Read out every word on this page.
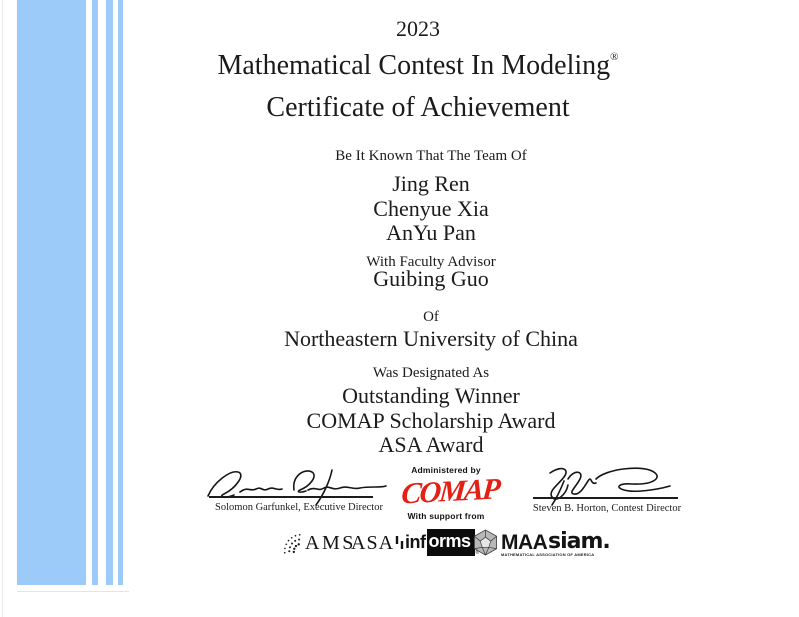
2023
Mathematical Contest In Modeling®
Certificate of Achievement
Be It Known That The Team Of
Jing Ren
Chenyue Xia
AnYu Pan
With Faculty Advisor
Guibing Guo
Of
Northeastern University of China
Was Designated As
Outstanding Winner
COMAP Scholarship Award
ASA Award
Solomon Garfunkel, Executive Director
Administered by
COMAP
With support from
Steven B. Horton, Contest Director
AMS
ASA inf orms
® MAA
MATHEMATICAL ASSOCIATION OF AMERICA
siam.
